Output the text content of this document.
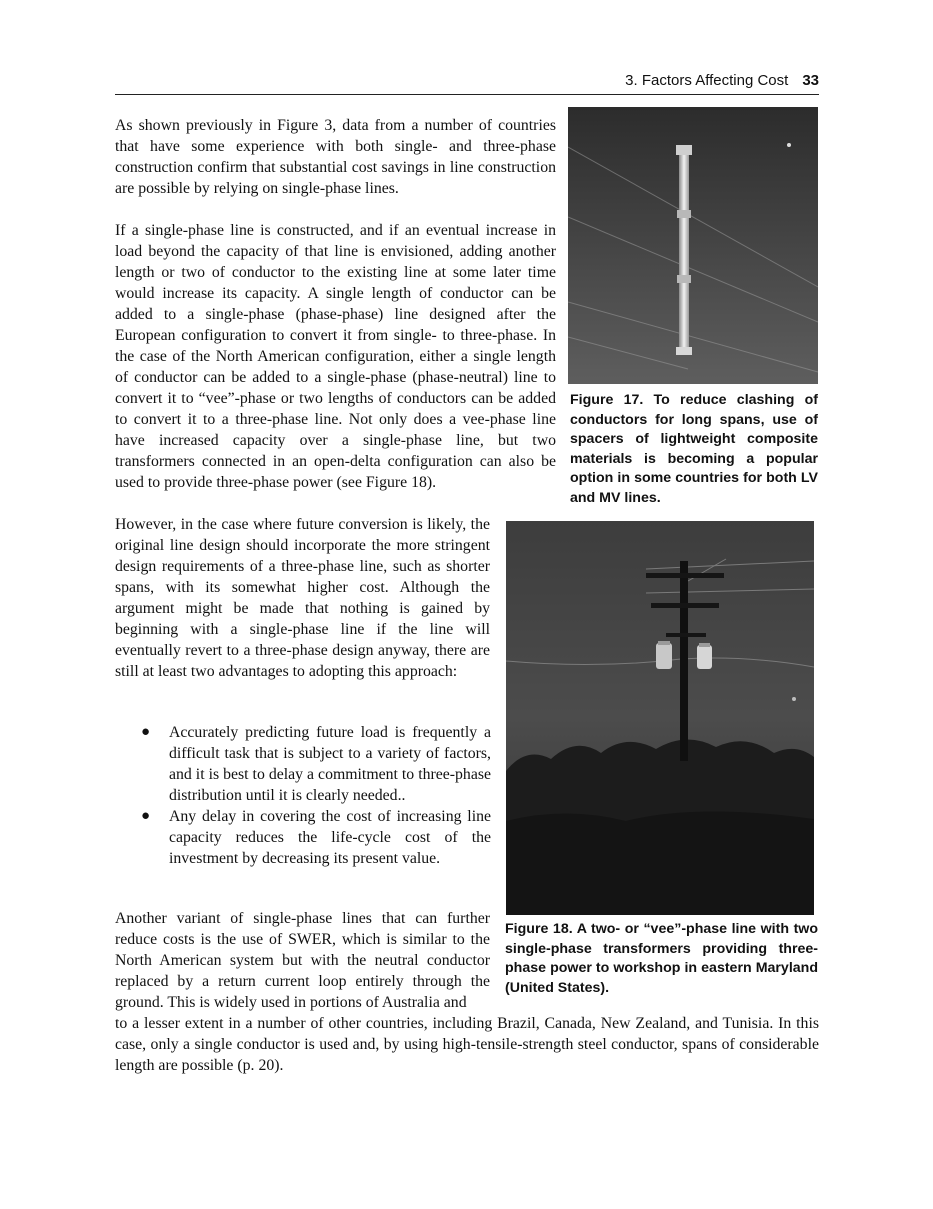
3. Factors Affecting Cost 33

As shown previously in Figure 3, data from a number of countries that have some experience with both single- and three-phase construction confirm that substantial cost savings in line construction are possible by relying on single-phase lines.

If a single-phase line is constructed, and if an eventual increase in load beyond the capacity of that line is envisioned, adding another length or two of conductor to the existing line at some later time would increase its capacity. A single length of conductor can be added to a single-phase (phase-phase) line designed after the European configuration to convert it from single- to three-phase. In the case of the North American configuration, either a single length of conductor can be added to a single-phase (phase-neutral) line to convert it to “vee”-phase or two lengths of conductors can be added to convert it to a three-phase line. Not only does a vee-phase line have increased capacity over a single-phase line, but two transformers connected in an open-delta configuration can also be used to provide three-phase power (see Figure 18).

Figure 17. To reduce clashing of conductors for long spans, use of spacers of lightweight composite materials is becoming a popular option in some countries for both LV and MV lines.

However, in the case where future conversion is likely, the original line design should incorporate the more stringent design requirements of a three-phase line, such as shorter spans, with its somewhat higher cost. Although the argument might be made that nothing is gained by beginning with a single-phase line if the line will eventually revert to a three-phase design anyway, there are still at least two advantages to adopting this approach:

● Accurately predicting future load is frequently a difficult task that is subject to a variety of factors, and it is best to delay a commitment to three-phase distribution until it is clearly needed..
● Any delay in covering the cost of increasing line capacity reduces the life-cycle cost of the investment by decreasing its present value.

Figure 18. A two- or “vee”-phase line with two single-phase transformers providing three-phase power to workshop in eastern Maryland (United States).

Another variant of single-phase lines that can further
reduce costs is the use of SWER, which is similar to the
North American system but with the neutral conductor
replaced by a return current loop entirely through the
ground. This is widely used in portions of Australia and

to a lesser extent in a number of other countries, including Brazil, Canada, New Zealand, and Tunisia. In this case, only a single conductor is used and, by using high-tensile-strength steel conductor, spans of considerable length are possible (p. 20).
